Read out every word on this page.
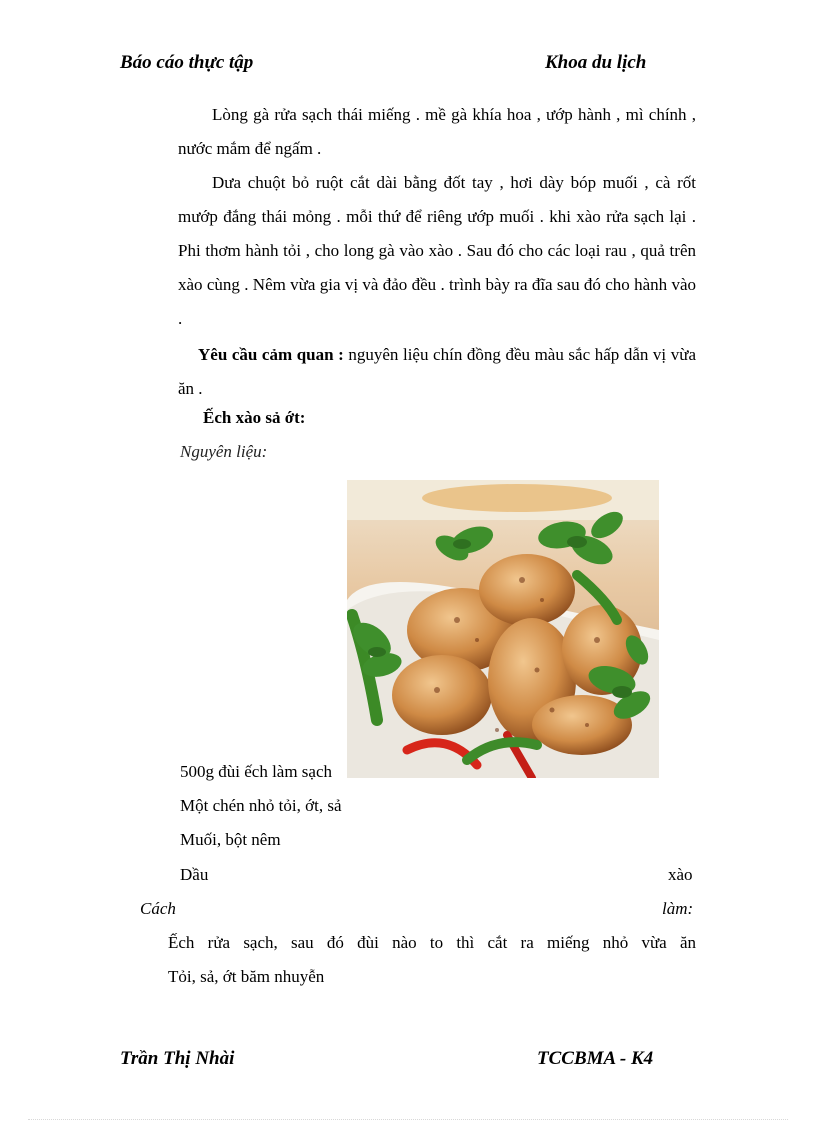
Báo cáo thực tập	Khoa du lịch

Lòng gà rửa sạch thái miếng . mề gà khía hoa , ướp hành , mì chính , nước mắm để ngấm .

Dưa chuột bỏ ruột cắt dài bằng đốt tay , hơi dày bóp muối , cà rốt mướp đắng thái mỏng . mỗi thứ để riêng ướp muối . khi xào rửa sạch lại . Phi thơm hành tỏi , cho long gà vào xào . Sau đó cho các loại rau , quả trên xào cùng . Nêm vừa gia vị và đảo đều . trình bày ra đĩa sau đó cho hành vào .

Yêu cầu cảm quan : nguyên liệu chín đồng đều màu sắc hấp dẫn vị vừa ăn .

Ếch xào sả ớt:
Nguyên liệu:
500g đùi ếch làm sạch
Một chén nhỏ tỏi, ớt, sả
Muối, bột nêm
Dầu	xào
Cách	làm:
Ếch rửa sạch, sau đó đùi nào to thì cắt ra miếng nhỏ vừa ăn
Tỏi, sả, ớt băm nhuyễn
Trần Thị Nhài	TCCBMA - K4
